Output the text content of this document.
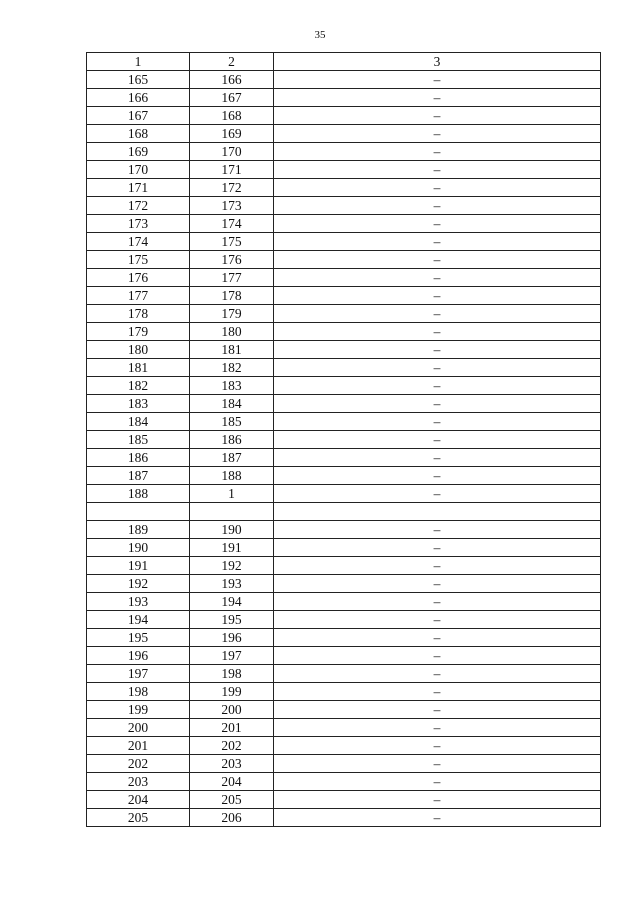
35
1	2	3
165	166	–
166	167	–
167	168	–
168	169	–
169	170	–
170	171	–
171	172	–
172	173	–
173	174	–
174	175	–
175	176	–
176	177	–
177	178	–
178	179	–
179	180	–
180	181	–
181	182	–
182	183	–
183	184	–
184	185	–
185	186	–
186	187	–
187	188	–
188	1	–

189	190	–
190	191	–
191	192	–
192	193	–
193	194	–
194	195	–
195	196	–
196	197	–
197	198	–
198	199	–
199	200	–
200	201	–
201	202	–
202	203	–
203	204	–
204	205	–
205	206	–
